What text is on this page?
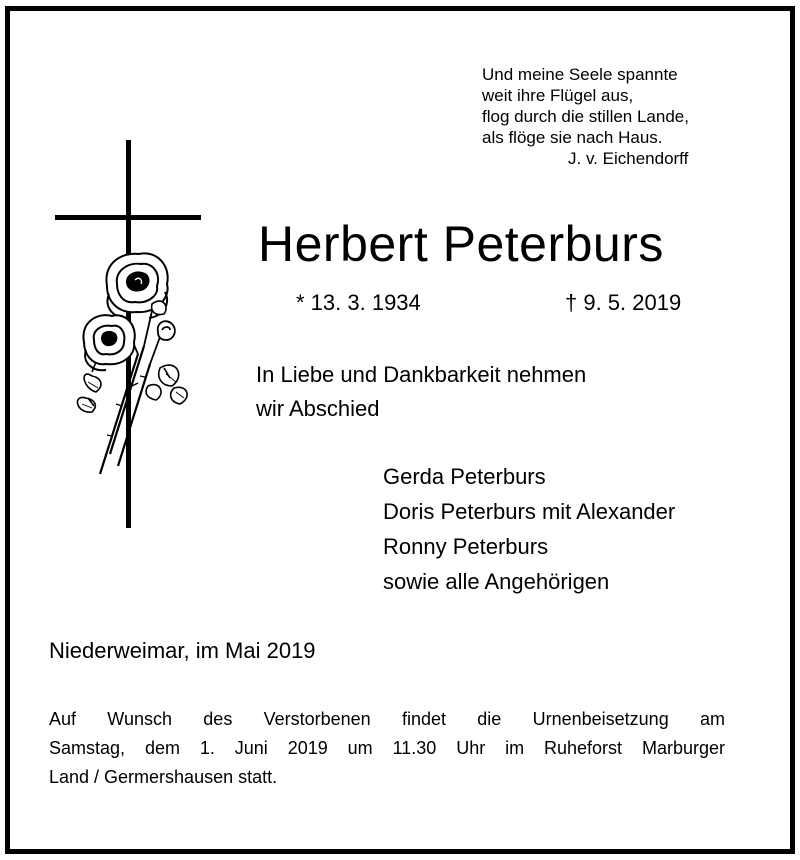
Und meine Seele spannte
weit ihre Flügel aus,
flog durch die stillen Lande,
als flöge sie nach Haus.
J. v. Eichendorff
Herbert Peterburs
* 13. 3. 1934	† 9. 5. 2019
In Liebe und Dankbarkeit nehmen
wir Abschied
Gerda Peterburs
Doris Peterburs mit Alexander
Ronny Peterburs
sowie alle Angehörigen
Niederweimar, im Mai 2019
Auf Wunsch des Verstorbenen findet die Urnenbeisetzung am
Samstag, dem 1. Juni 2019 um 11.30 Uhr im Ruheforst Marburger
Land / Germershausen statt.
